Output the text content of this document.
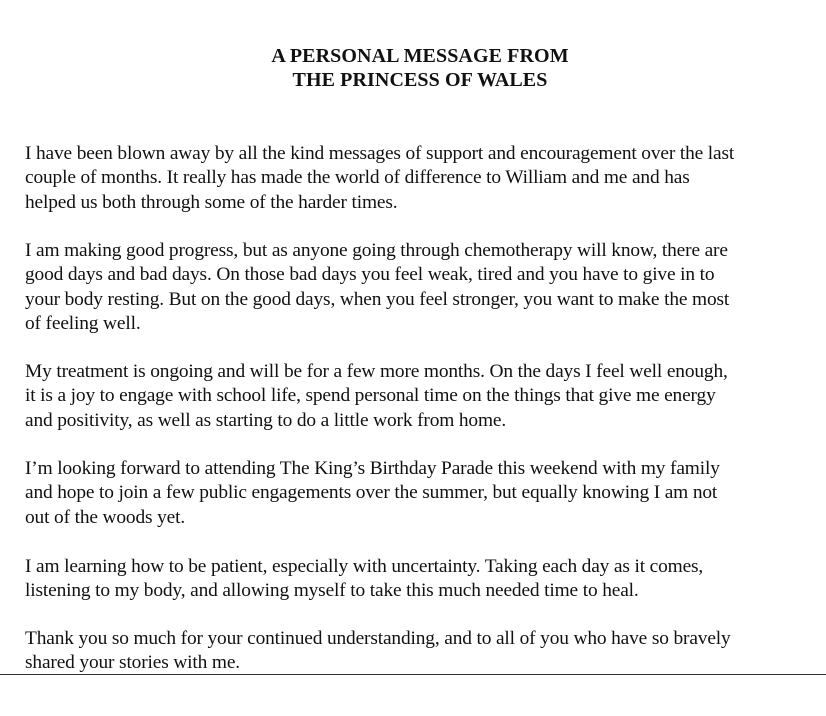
A PERSONAL MESSAGE FROM
THE PRINCESS OF WALES

I have been blown away by all the kind messages of support and encouragement over the last
couple of months. It really has made the world of difference to William and me and has
helped us both through some of the harder times.

I am making good progress, but as anyone going through chemotherapy will know, there are
good days and bad days. On those bad days you feel weak, tired and you have to give in to
your body resting. But on the good days, when you feel stronger, you want to make the most
of feeling well.

My treatment is ongoing and will be for a few more months. On the days I feel well enough,
it is a joy to engage with school life, spend personal time on the things that give me energy
and positivity, as well as starting to do a little work from home.

I’m looking forward to attending The King’s Birthday Parade this weekend with my family
and hope to join a few public engagements over the summer, but equally knowing I am not
out of the woods yet.

I am learning how to be patient, especially with uncertainty. Taking each day as it comes,
listening to my body, and allowing myself to take this much needed time to heal.

Thank you so much for your continued understanding, and to all of you who have so bravely
shared your stories with me.
